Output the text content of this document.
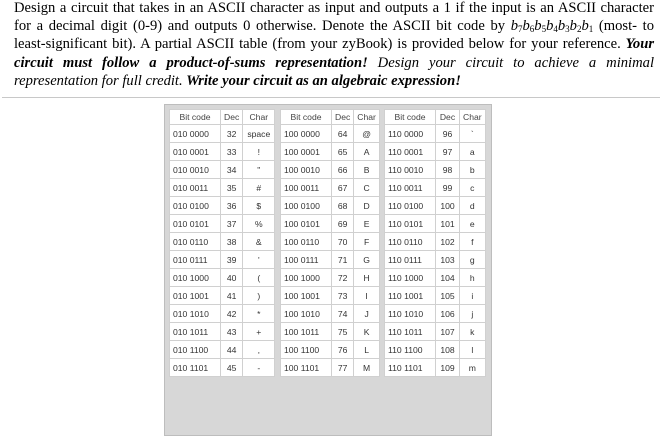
Design a circuit that takes in an ASCII character as input and outputs a 1 if the input is an ASCII character for a decimal digit (0-9) and outputs 0 otherwise. Denote the ASCII bit code by $b_7b_6b_5b_4b_3b_2b_1$ (most- to least-significant bit). A partial ASCII table (from your zyBook) is provided below for your reference. Your circuit must follow a product-of-sums representation! Design your circuit to achieve a minimal representation for full credit. Write your circuit as an algebraic expression!
Bit code	Dec	Char
010 0000	32	space
010 0001	33	!
010 0010	34	"
010 0011	35	#
010 0100	36	$
010 0101	37	%
010 0110	38	&
010 0111	39	'
010 1000	40	(
010 1001	41	)
010 1010	42	*
010 1011	43	+
010 1100	44	,
010 1101	45	-
Bit code	Dec	Char
100 0000	64	@
100 0001	65	A
100 0010	66	B
100 0011	67	C
100 0100	68	D
100 0101	69	E
100 0110	70	F
100 0111	71	G
100 1000	72	H
100 1001	73	I
100 1010	74	J
100 1011	75	K
100 1100	76	L
100 1101	77	M
Bit code	Dec	Char
110 0000	96	`
110 0001	97	a
110 0010	98	b
110 0011	99	c
110 0100	100	d
110 0101	101	e
110 0110	102	f
110 0111	103	g
110 1000	104	h
110 1001	105	i
110 1010	106	j
110 1011	107	k
110 1100	108	l
110 1101	109	m
